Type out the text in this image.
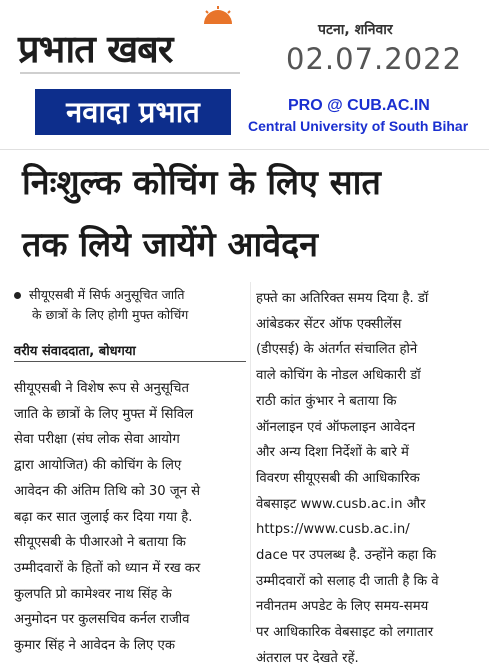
प्रभात खबर	पटना, शनिवार
02.07.2022
नवादा प्रभात	PRO @ CUB.AC.IN
Central University of South Bihar
निःशुल्क कोचिंग के लिए सात
तक लिये जायेंगे आवेदन
सीयूएसबी में सिर्फ अनुसूचित जाति
के छात्रों के लिए होगी मुफ्त कोचिंग
वरीय संवाददाता, बोधगया
सीयूएसबी ने विशेष रूप से अनुसूचित
जाति के छात्रों के लिए मुफ्त में सिविल
सेवा परीक्षा (संघ लोक सेवा आयोग
द्वारा आयोजित) की कोचिंग के लिए
आवेदन की अंतिम तिथि को 30 जून से
बढ़ा कर सात जुलाई कर दिया गया है.
सीयूएसबी के पीआरओ ने बताया कि
उम्मीदवारों के हितों को ध्यान में रख कर
कुलपति प्रो कामेश्वर नाथ सिंह के
अनुमोदन पर कुलसचिव कर्नल राजीव
कुमार सिंह ने आवेदन के लिए एक
हफ्ते का अतिरिक्त समय दिया है. डॉ
आंबेडकर सेंटर ऑफ एक्सीलेंस
(डीएसई) के अंतर्गत संचालित होने
वाले कोचिंग के नोडल अधिकारी डॉ
राठी कांत कुंभार ने बताया कि
ऑनलाइन एवं ऑफलाइन आवेदन
और अन्य दिशा निर्देशों के बारे में
विवरण सीयूएसबी की आधिकारिक
वेबसाइट www.cusb.ac.in और
https://www.cusb.ac.in/
dace पर उपलब्ध है. उन्होंने कहा कि
उम्मीदवारों को सलाह दी जाती है कि वे
नवीनतम अपडेट के लिए समय-समय
पर आधिकारिक वेबसाइट को लगातार
अंतराल पर देखते रहें.
